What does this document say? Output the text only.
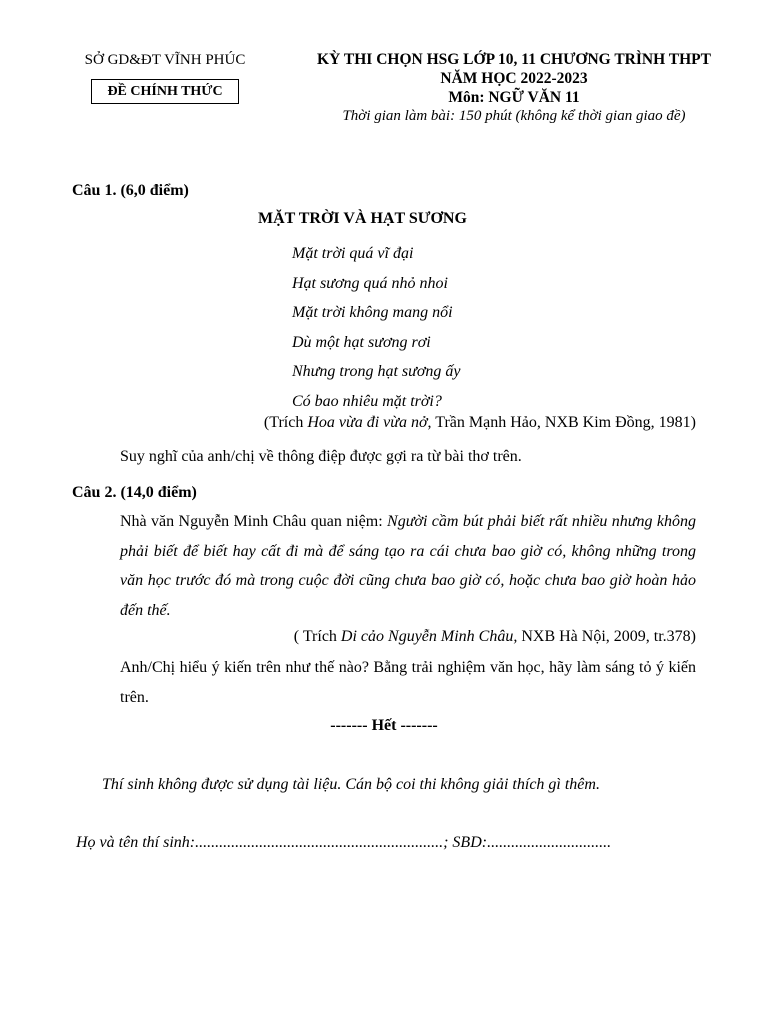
SỞ GD&ĐT VĨNH PHÚC
ĐỀ CHÍNH THỨC
KỲ THI CHỌN HSG LỚP 10, 11 CHƯƠNG TRÌNH THPT
NĂM HỌC 2022-2023
Môn: NGỮ VĂN 11
Thời gian làm bài: 150 phút (không kể thời gian giao đề)
Câu 1. (6,0 điểm)
MẶT TRỜI VÀ HẠT SƯƠNG
Mặt trời quá vĩ đại
Hạt sương quá nhỏ nhoi
Mặt trời không mang nổi
Dù một hạt sương rơi
Nhưng trong hạt sương ấy
Có bao nhiêu mặt trời?
(Trích Hoa vừa đi vừa nở, Trần Mạnh Hảo, NXB Kim Đồng, 1981)
Suy nghĩ của anh/chị về thông điệp được gợi ra từ bài thơ trên.
Câu 2. (14,0 điểm)
Nhà văn Nguyễn Minh Châu quan niệm: Người cầm bút phải biết rất nhiều nhưng không phải biết để biết hay cất đi mà để sáng tạo ra cái chưa bao giờ có, không những trong văn học trước đó mà trong cuộc đời cũng chưa bao giờ có, hoặc chưa bao giờ hoàn hảo đến thế.
( Trích Di cảo Nguyễn Minh Châu, NXB Hà Nội, 2009, tr.378)
Anh/Chị hiểu ý kiến trên như thế nào? Bằng trải nghiệm văn học, hãy làm sáng tỏ ý kiến trên.
------- Hết -------
Thí sinh không được sử dụng tài liệu. Cán bộ coi thi không giải thích gì thêm.
Họ và tên thí sinh:..............................................................; SBD:...............................
